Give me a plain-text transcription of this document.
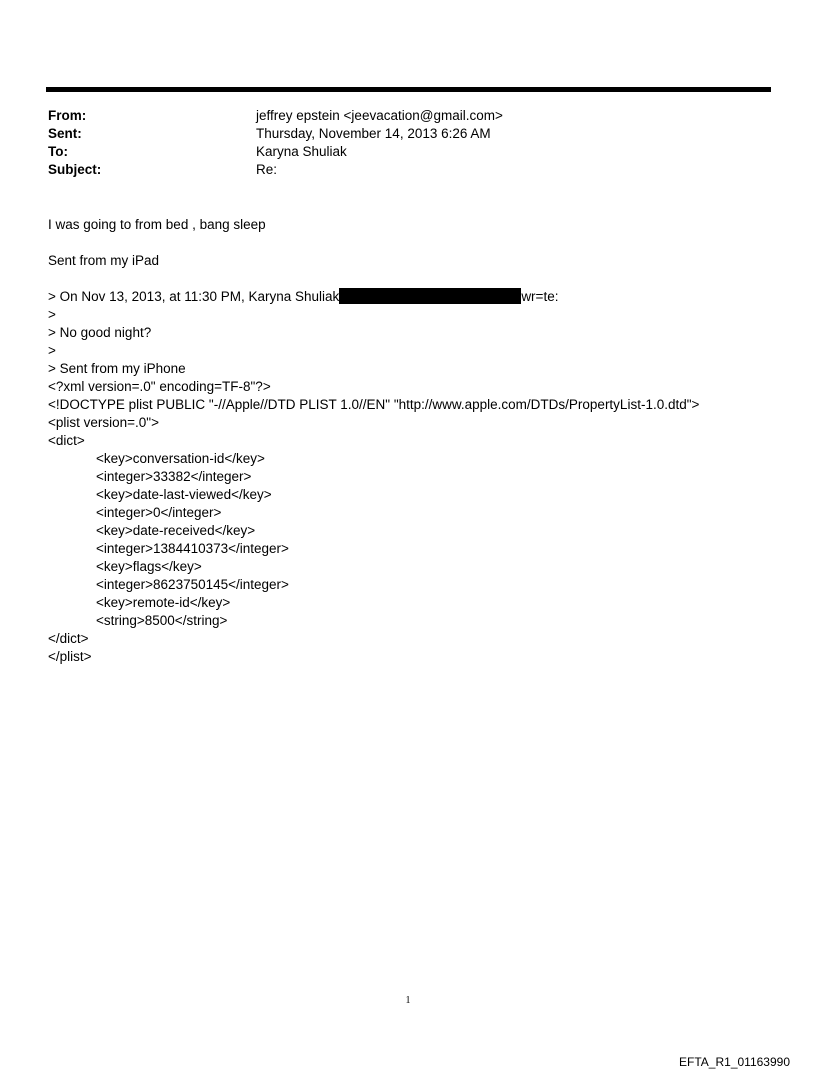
From:	jeffrey epstein <jeevacation@gmail.com>
Sent:	Thursday, November 14, 2013 6:26 AM
To:	Karyna Shuliak
Subject:	Re:
I was going to from bed , bang sleep
Sent from my iPad
> On Nov 13, 2013, at 11:30 PM, Karyna Shuliak	wr=te:
>
> No good night?
>
> Sent from my iPhone
<?xml version=.0" encoding=TF-8"?>
<!DOCTYPE plist PUBLIC "-//Apple//DTD PLIST 1.0//EN" "http://www.apple.com/DTDs/PropertyList-1.0.dtd">
<plist version=.0">
<dict>
<key>conversation-id</key>
<integer>33382</integer>
<key>date-last-viewed</key>
<integer>0</integer>
<key>date-received</key>
<integer>1384410373</integer>
<key>flags</key>
<integer>8623750145</integer>
<key>remote-id</key>
<string>8500</string>
</dict>
</plist>
1
EFTA_R1_01163990
